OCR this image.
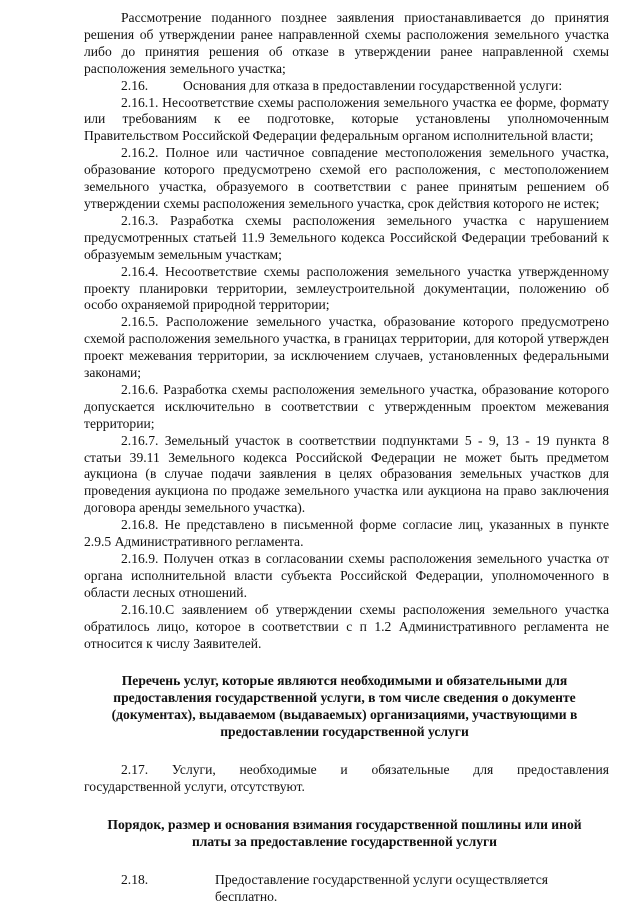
Рассмотрение поданного позднее заявления приостанавливается до принятия решения об утверждении ранее направленной схемы расположения земельного участка либо до принятия решения об отказе в утверждении ранее направленной схемы расположения земельного участка;

2.16.	Основания для отказа в предоставлении государственной услуги:

2.16.1. Несоответствие схемы расположения земельного участка ее форме, формату или требованиям к ее подготовке, которые установлены уполномоченным Правительством Российской Федерации федеральным органом исполнительной власти;

2.16.2. Полное или частичное совпадение местоположения земельного участка, образование которого предусмотрено схемой его расположения, с местоположением земельного участка, образуемого в соответствии с ранее принятым решением об утверждении схемы расположения земельного участка, срок действия которого не истек;

2.16.3. Разработка схемы расположения земельного участка с нарушением предусмотренных статьей 11.9 Земельного кодекса Российской Федерации требований к образуемым земельным участкам;

2.16.4. Несоответствие схемы расположения земельного участка утвержденному проекту планировки территории, землеустроительной документации, положению об особо охраняемой природной территории;

2.16.5. Расположение земельного участка, образование которого предусмотрено схемой расположения земельного участка, в границах территории, для которой утвержден проект межевания территории, за исключением случаев, установленных федеральными законами;

2.16.6. Разработка схемы расположения земельного участка, образование которого допускается исключительно в соответствии с утвержденным проектом межевания территории;

2.16.7. Земельный участок в соответствии подпунктами 5 - 9, 13 - 19 пункта 8 статьи 39.11 Земельного кодекса Российской Федерации не может быть предметом аукциона (в случае подачи заявления в целях образования земельных участков для проведения аукциона по продаже земельного участка или аукциона на право заключения договора аренды земельного участка).

2.16.8. Не представлено в письменной форме согласие лиц, указанных в пункте 2.9.5 Административного регламента.

2.16.9. Получен отказ в согласовании схемы расположения земельного участка от органа исполнительной власти субъекта Российской Федерации, уполномоченного в области лесных отношений.

2.16.10.С заявлением об утверждении схемы расположения земельного участка обратилось лицо, которое в соответствии с п 1.2 Административного регламента не относится к числу Заявителей.

Перечень услуг, которые являются необходимыми и обязательными для предоставления государственной услуги, в том числе сведения о документе (документах), выдаваемом (выдаваемых) организациями, участвующими в предоставлении государственной услуги

2.17.    Услуги,    необходимые    и    обязательные    для    предоставления

государственной услуги, отсутствуют.

Порядок, размер и основания взимания государственной пошлины или иной платы за предоставление государственной услуги

2.18.	Предоставление государственной услуги осуществляется бесплатно.
